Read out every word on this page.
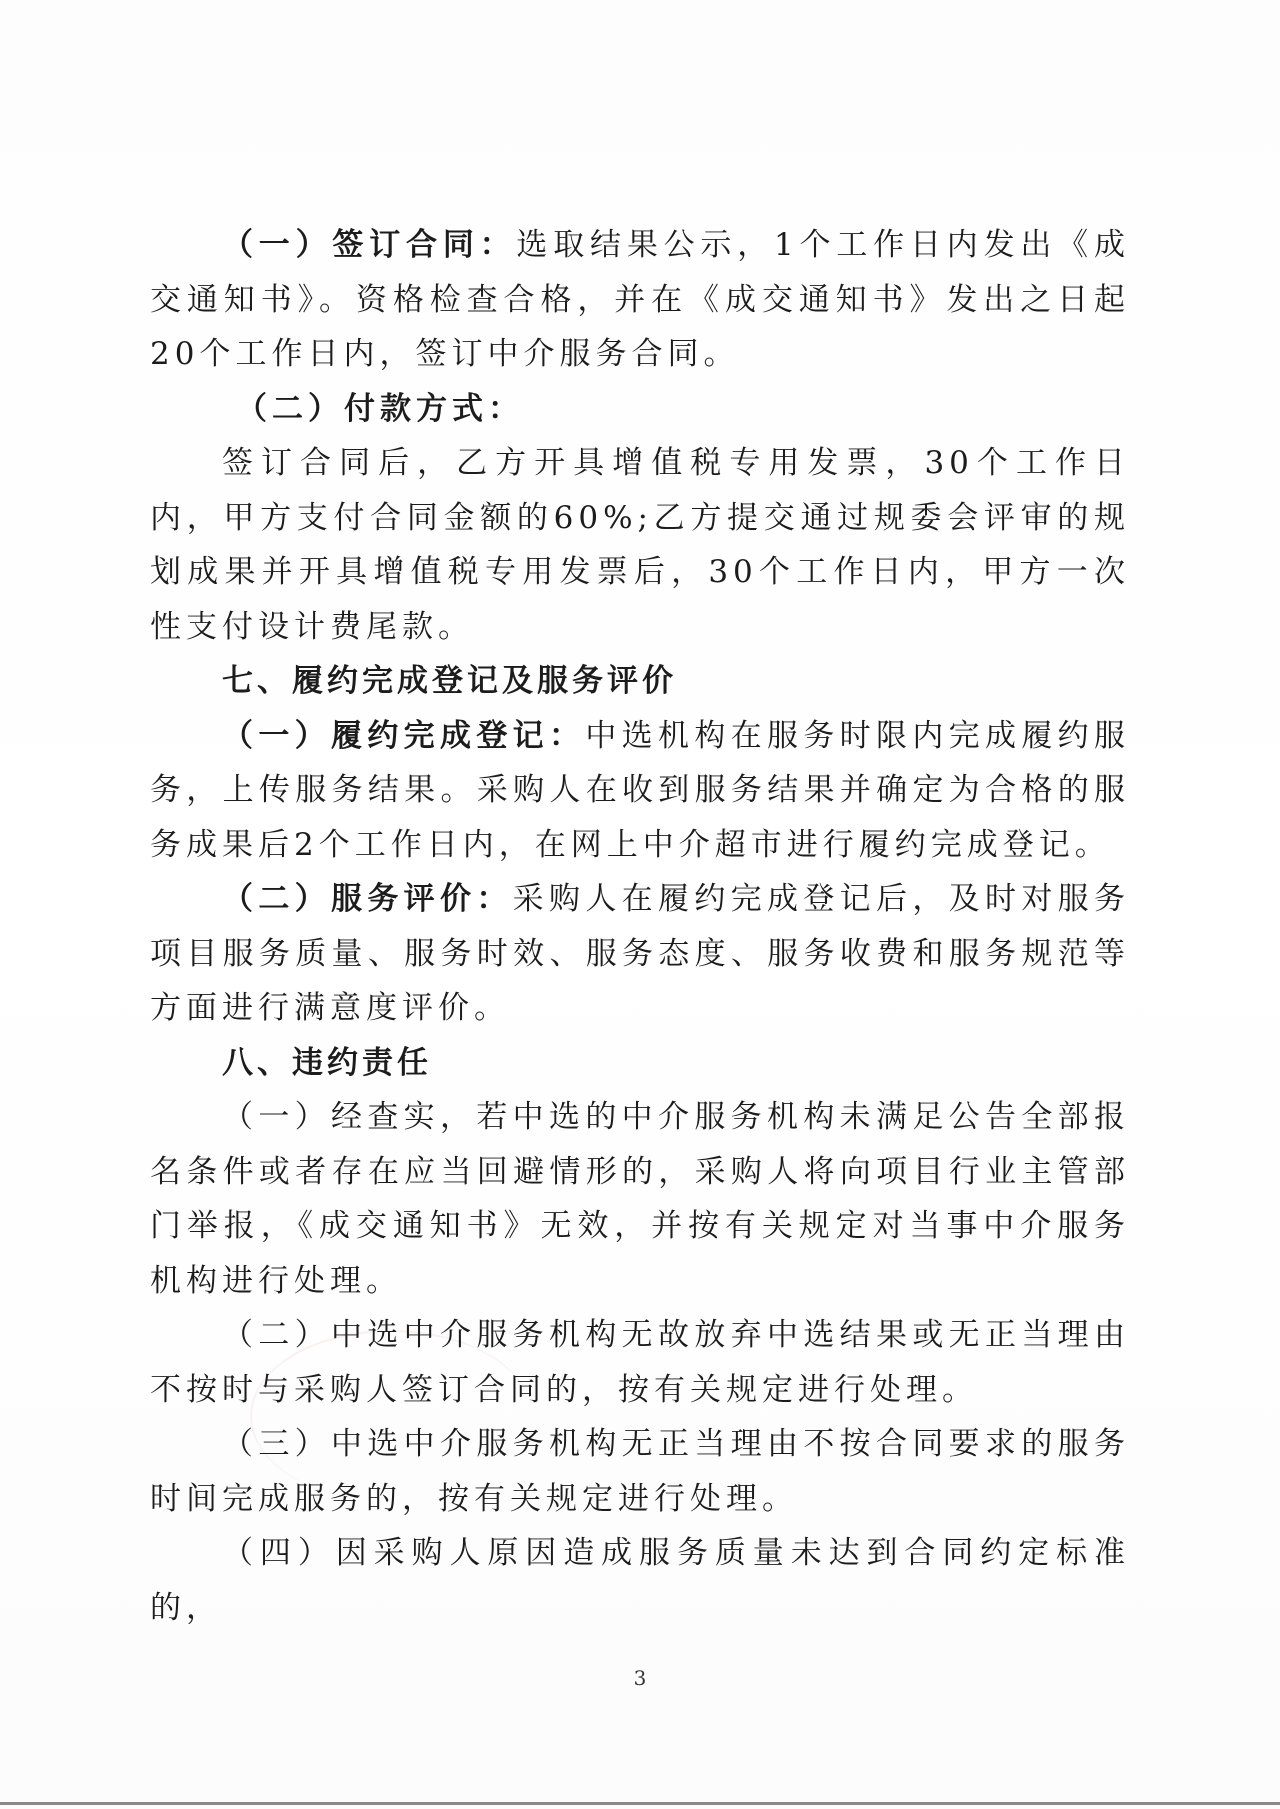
（一）签订合同：选取结果公示，1个工作日内发出《成交通知书》。资格检查合格，并在《成交通知书》发出之日起20个工作日内，签订中介服务合同。

（二）付款方式：

签订合同后，乙方开具增值税专用发票，30个工作日内，甲方支付合同金额的60%;乙方提交通过规委会评审的规划成果并开具增值税专用发票后，30个工作日内，甲方一次性支付设计费尾款。

七、履约完成登记及服务评价

（一）履约完成登记：中选机构在服务时限内完成履约服务，上传服务结果。采购人在收到服务结果并确定为合格的服务成果后2个工作日内，在网上中介超市进行履约完成登记。

（二）服务评价：采购人在履约完成登记后，及时对服务项目服务质量、服务时效、服务态度、服务收费和服务规范等方面进行满意度评价。

八、违约责任

（一）经查实，若中选的中介服务机构未满足公告全部报名条件或者存在应当回避情形的，采购人将向项目行业主管部门举报，《成交通知书》无效，并按有关规定对当事中介服务机构进行处理。

（二）中选中介服务机构无故放弃中选结果或无正当理由不按时与采购人签订合同的，按有关规定进行处理。

（三）中选中介服务机构无正当理由不按合同要求的服务时间完成服务的，按有关规定进行处理。

（四）因采购人原因造成服务质量未达到合同约定标准的，

3
